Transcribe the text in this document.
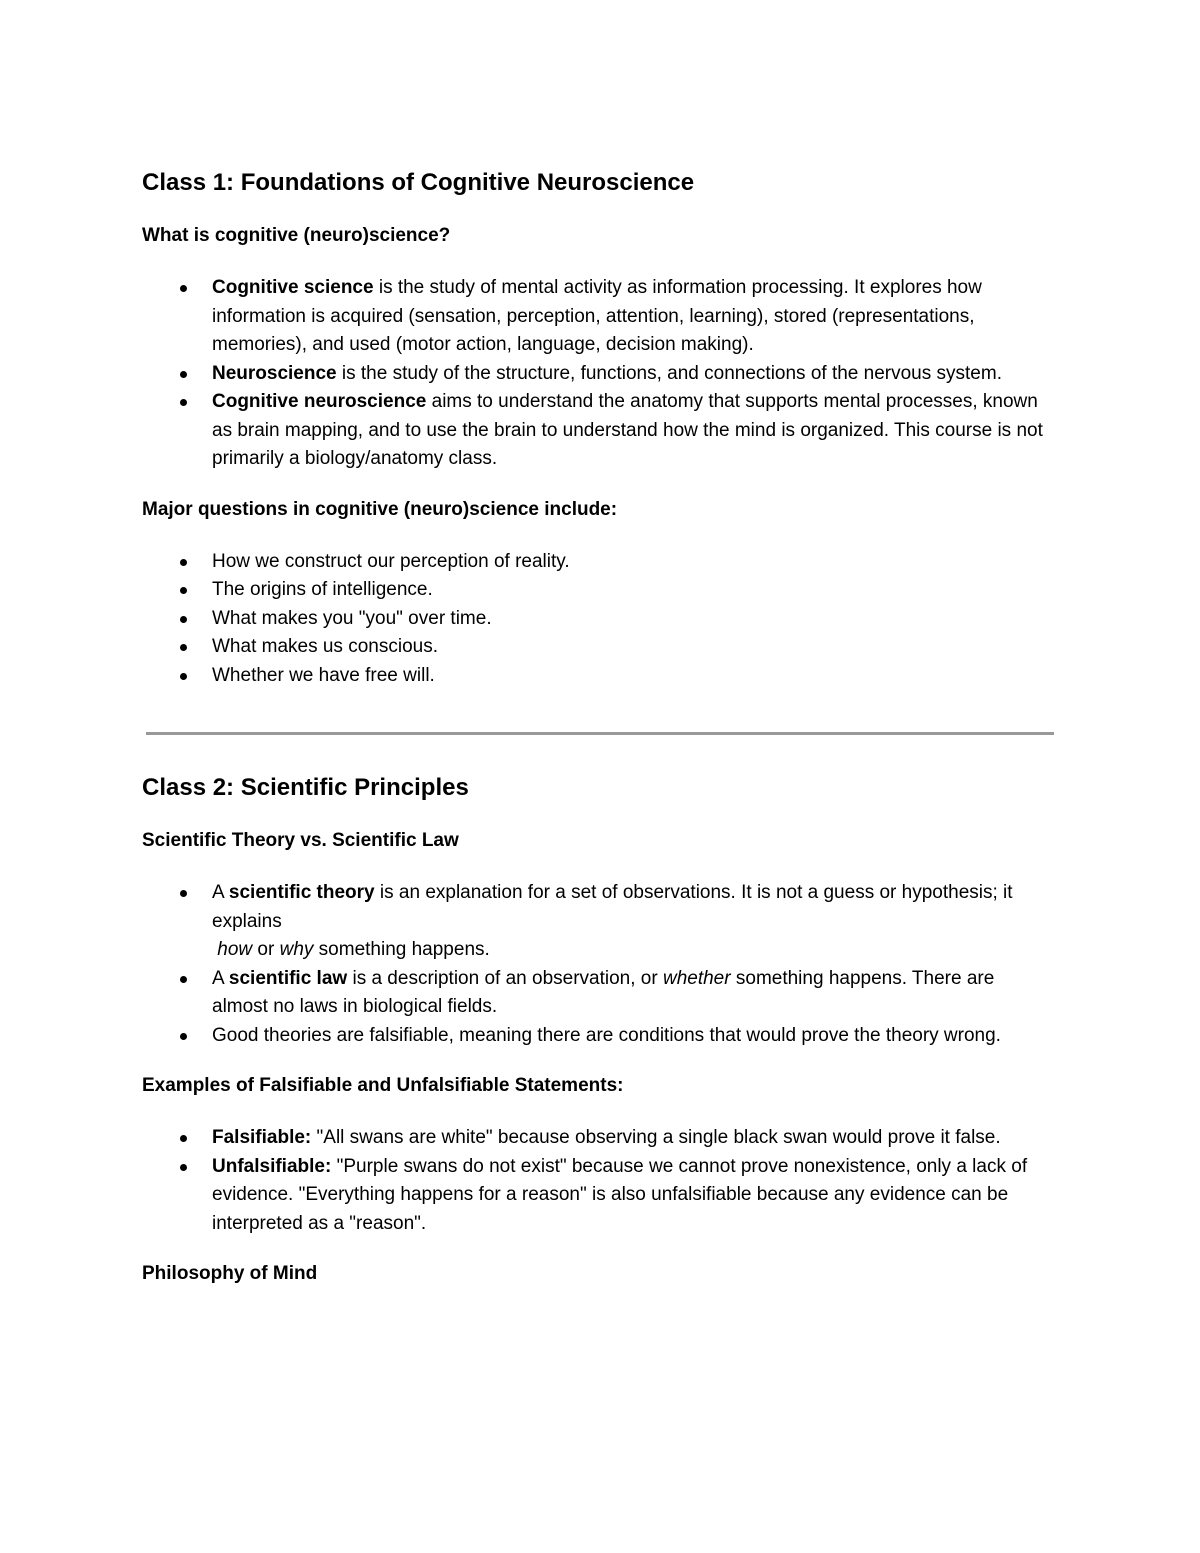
Class 1: Foundations of Cognitive Neuroscience
What is cognitive (neuro)science?
Cognitive science is the study of mental activity as information processing. It explores how information is acquired (sensation, perception, attention, learning), stored (representations, memories), and used (motor action, language, decision making).
Neuroscience is the study of the structure, functions, and connections of the nervous system.
Cognitive neuroscience aims to understand the anatomy that supports mental processes, known as brain mapping, and to use the brain to understand how the mind is organized. This course is not primarily a biology/anatomy class.
Major questions in cognitive (neuro)science include:
How we construct our perception of reality.
The origins of intelligence.
What makes you "you" over time.
What makes us conscious.
Whether we have free will.
Class 2: Scientific Principles
Scientific Theory vs. Scientific Law
A scientific theory is an explanation for a set of observations. It is not a guess or hypothesis; it explains
how or why something happens.
A scientific law is a description of an observation, or whether something happens. There are almost no laws in biological fields.
Good theories are falsifiable, meaning there are conditions that would prove the theory wrong.
Examples of Falsifiable and Unfalsifiable Statements:
Falsifiable: "All swans are white" because observing a single black swan would prove it false.
Unfalsifiable: "Purple swans do not exist" because we cannot prove nonexistence, only a lack of evidence. "Everything happens for a reason" is also unfalsifiable because any evidence can be interpreted as a "reason".
Philosophy of Mind
